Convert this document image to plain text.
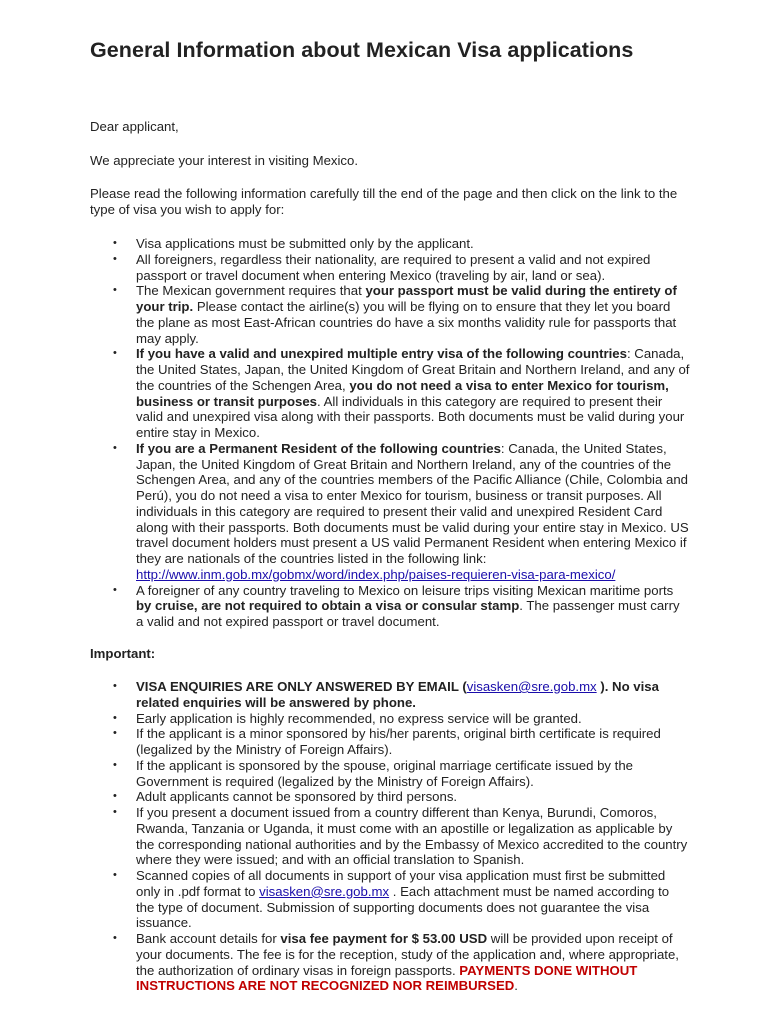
General Information about Mexican Visa applications

Dear applicant,

We appreciate your interest in visiting Mexico.

Please read the following information carefully till the end of the page and then click on the link to the type of visa you wish to apply for:

• Visa applications must be submitted only by the applicant.
• All foreigners, regardless their nationality, are required to present a valid and not expired passport or travel document when entering Mexico (traveling by air, land or sea).
• The Mexican government requires that your passport must be valid during the entirety of your trip. Please contact the airline(s) you will be flying on to ensure that they let you board the plane as most East-African countries do have a six months validity rule for passports that may apply.
• If you have a valid and unexpired multiple entry visa of the following countries: Canada, the United States, Japan, the United Kingdom of Great Britain and Northern Ireland, and any of the countries of the Schengen Area, you do not need a visa to enter Mexico for tourism, business or transit purposes. All individuals in this category are required to present their valid and unexpired visa along with their passports. Both documents must be valid during your entire stay in Mexico.
• If you are a Permanent Resident of the following countries: Canada, the United States, Japan, the United Kingdom of Great Britain and Northern Ireland, any of the countries of the Schengen Area, and any of the countries members of the Pacific Alliance (Chile, Colombia and Perú), you do not need a visa to enter Mexico for tourism, business or transit purposes. All individuals in this category are required to present their valid and unexpired Resident Card along with their passports. Both documents must be valid during your entire stay in Mexico. US travel document holders must present a US valid Permanent Resident when entering Mexico if they are nationals of the countries listed in the following link: http://www.inm.gob.mx/gobmx/word/index.php/paises-requieren-visa-para-mexico/
• A foreigner of any country traveling to Mexico on leisure trips visiting Mexican maritime ports by cruise, are not required to obtain a visa or consular stamp. The passenger must carry a valid and not expired passport or travel document.

Important:

• VISA ENQUIRIES ARE ONLY ANSWERED BY EMAIL (visasken@sre.gob.mx ). No visa related enquiries will be answered by phone.
• Early application is highly recommended, no express service will be granted.
• If the applicant is a minor sponsored by his/her parents, original birth certificate is required (legalized by the Ministry of Foreign Affairs).
• If the applicant is sponsored by the spouse, original marriage certificate issued by the Government is required (legalized by the Ministry of Foreign Affairs).
• Adult applicants cannot be sponsored by third persons.
• If you present a document issued from a country different than Kenya, Burundi, Comoros, Rwanda, Tanzania or Uganda, it must come with an apostille or legalization as applicable by the corresponding national authorities and by the Embassy of Mexico accredited to the country where they were issued; and with an official translation to Spanish.
• Scanned copies of all documents in support of your visa application must first be submitted only in .pdf format to visasken@sre.gob.mx . Each attachment must be named according to the type of document. Submission of supporting documents does not guarantee the visa issuance.
• Bank account details for visa fee payment for $ 53.00 USD will be provided upon receipt of your documents. The fee is for the reception, study of the application and, where appropriate, the authorization of ordinary visas in foreign passports. PAYMENTS DONE WITHOUT INSTRUCTIONS ARE NOT RECOGNIZED NOR REIMBURSED.
